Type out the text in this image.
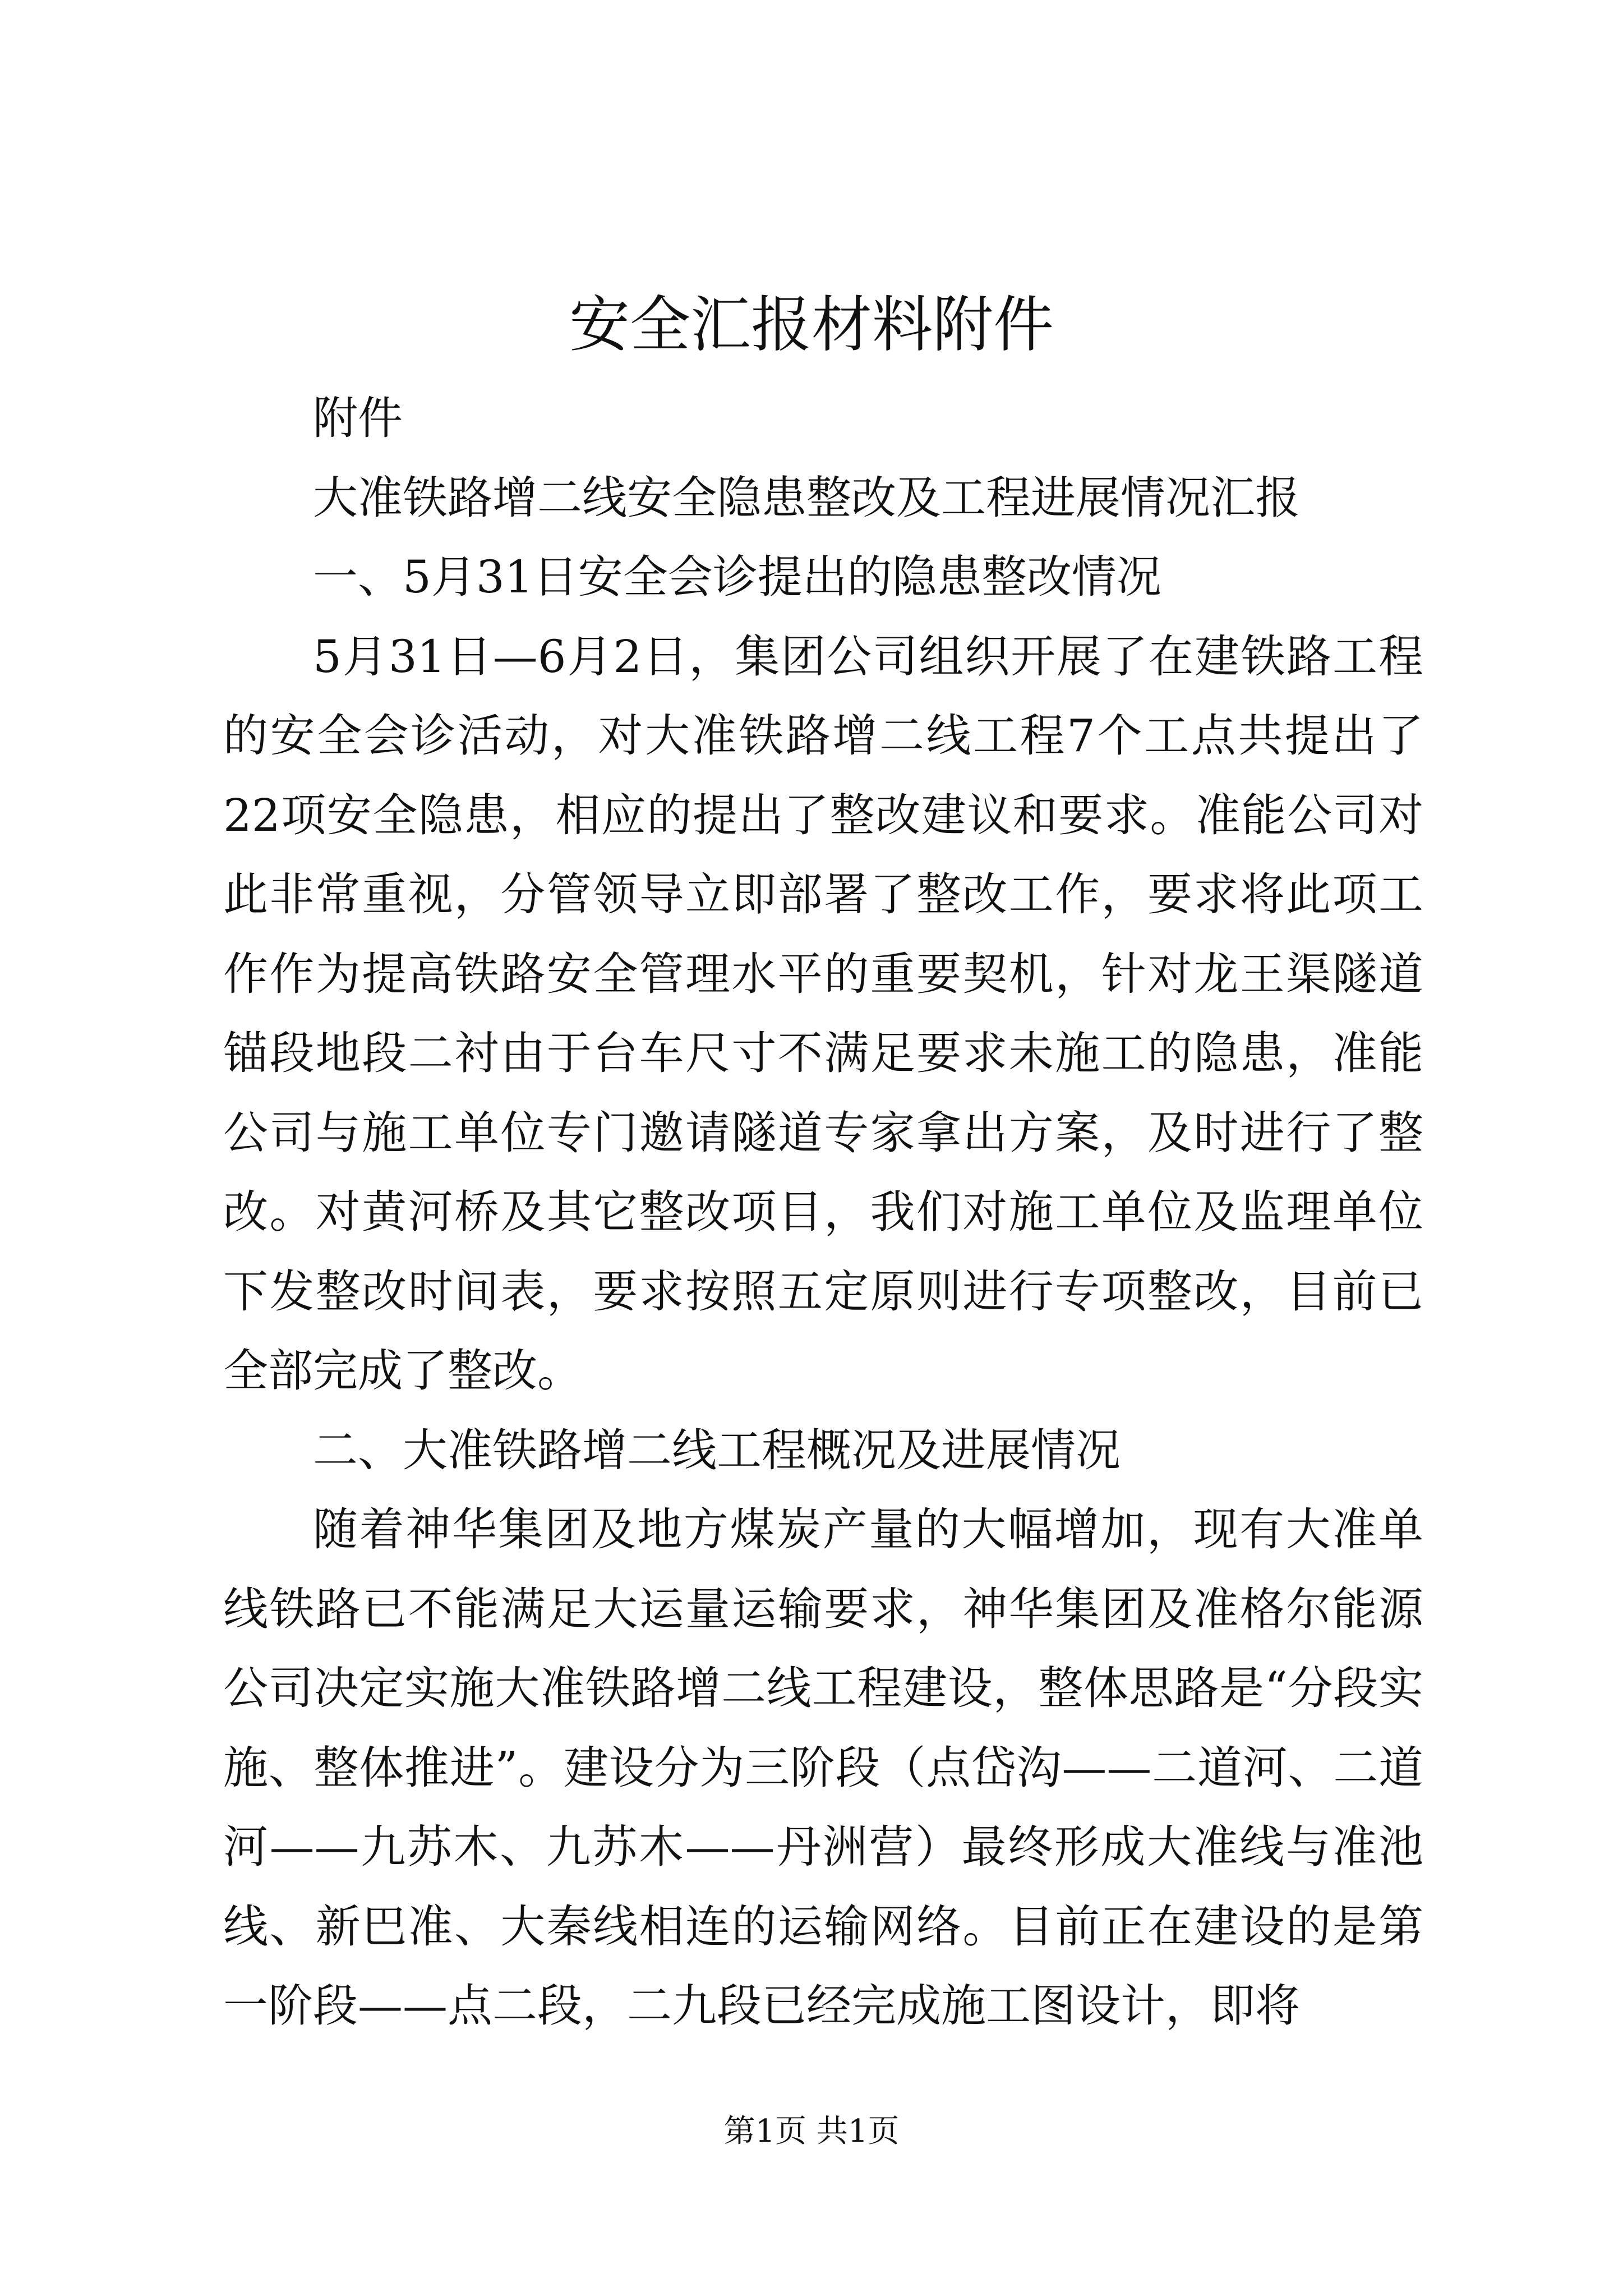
安全汇报材料附件

附件

大准铁路增二线安全隐患整改及工程进展情况汇报

一、5月31日安全会诊提出的隐患整改情况

5月31日—6月2日，集团公司组织开展了在建铁路工程的安全会诊活动，对大准铁路增二线工程7个工点共提出了22项安全隐患，相应的提出了整改建议和要求。准能公司对此非常重视，分管领导立即部署了整改工作，要求将此项工作作为提高铁路安全管理水平的重要契机，针对龙王渠隧道锚段地段二衬由于台车尺寸不满足要求未施工的隐患，准能公司与施工单位专门邀请隧道专家拿出方案，及时进行了整改。对黄河桥及其它整改项目，我们对施工单位及监理单位下发整改时间表，要求按照五定原则进行专项整改，目前已全部完成了整改。

二、大准铁路增二线工程概况及进展情况

随着神华集团及地方煤炭产量的大幅增加，现有大准单线铁路已不能满足大运量运输要求，神华集团及准格尔能源公司决定实施大准铁路增二线工程建设，整体思路是“分段实施、整体推进”。建设分为三阶段（点岱沟——二道河、二道河——九苏木、九苏木——丹洲营）最终形成大准线与准池线、新巴准、大秦线相连的运输网络。目前正在建设的是第一阶段——点二段，二九段已经完成施工图设计，即将

第1页 共1页
